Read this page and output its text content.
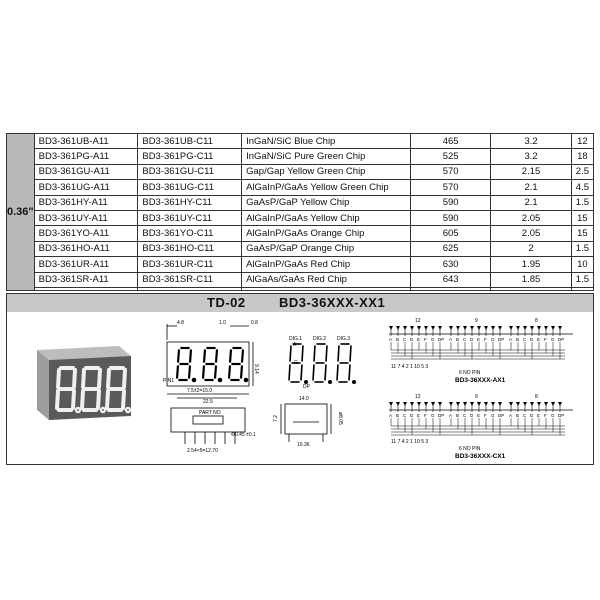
0.36"	BD3-361UB-A11	BD3-361UB-C11	InGaN/SiC Blue Chip	465	3.2	12
	BD3-361PG-A11	BD3-361PG-C11	InGaN/SiC Pure Green Chip	525	3.2	18
	BD3-361GU-A11	BD3-361GU-C11	Gap/Gap Yellow Green Chip	570	2.15	2.5
	BD3-361UG-A11	BD3-361UG-C11	AlGaInP/GaAs Yellow Green Chip	570	2.1	4.5
	BD3-361HY-A11	BD3-361HY-C11	GaAsP/GaP Yellow Chip	590	2.1	1.5
	BD3-361UY-A11	BD3-361UY-C11	AlGaInP/GaAs Yellow Chip	590	2.05	15
	BD3-361YO-A11	BD3-361YO-C11	AlGaInP/GaAs Orange Chip	605	2.05	15
	BD3-361HO-A11	BD3-361HO-C11	GaAsP/GaP Orange Chip	625	2	1.5
	BD3-361UR-A11	BD3-361UR-C11	AlGaInP/GaAs Red Chip	630	1.95	10
	BD3-361SR-A11	BD3-361SR-C11	AlGaAs/GaAs Red Chip	643	1.85	1.5

TD-02	BD3-36XXX-XX1
4.8	1.0	0.8
9.14
PIN1
7.5±2=15.0
22.5
PART NO
Φ0.45 ±0.1
2.54×5=12.70
DIG.1 DIG.2 DIG.3
A
G
DP
14.0
7.2	ø8.05
10.36
12
A B C D E F G DP
9
A B C D E F G DP
8
A B C D E F G DP
BD3-36XXX-AX1
11 7 4 2 1 10 5 3
6 NO PIN
12
A B C D E F G DP
9
A B C D E F G DP
8
A B C D E F G DP
BD3-36XXX-CX1
11 7 4 2 1 10 5 3
6 NO PIN
